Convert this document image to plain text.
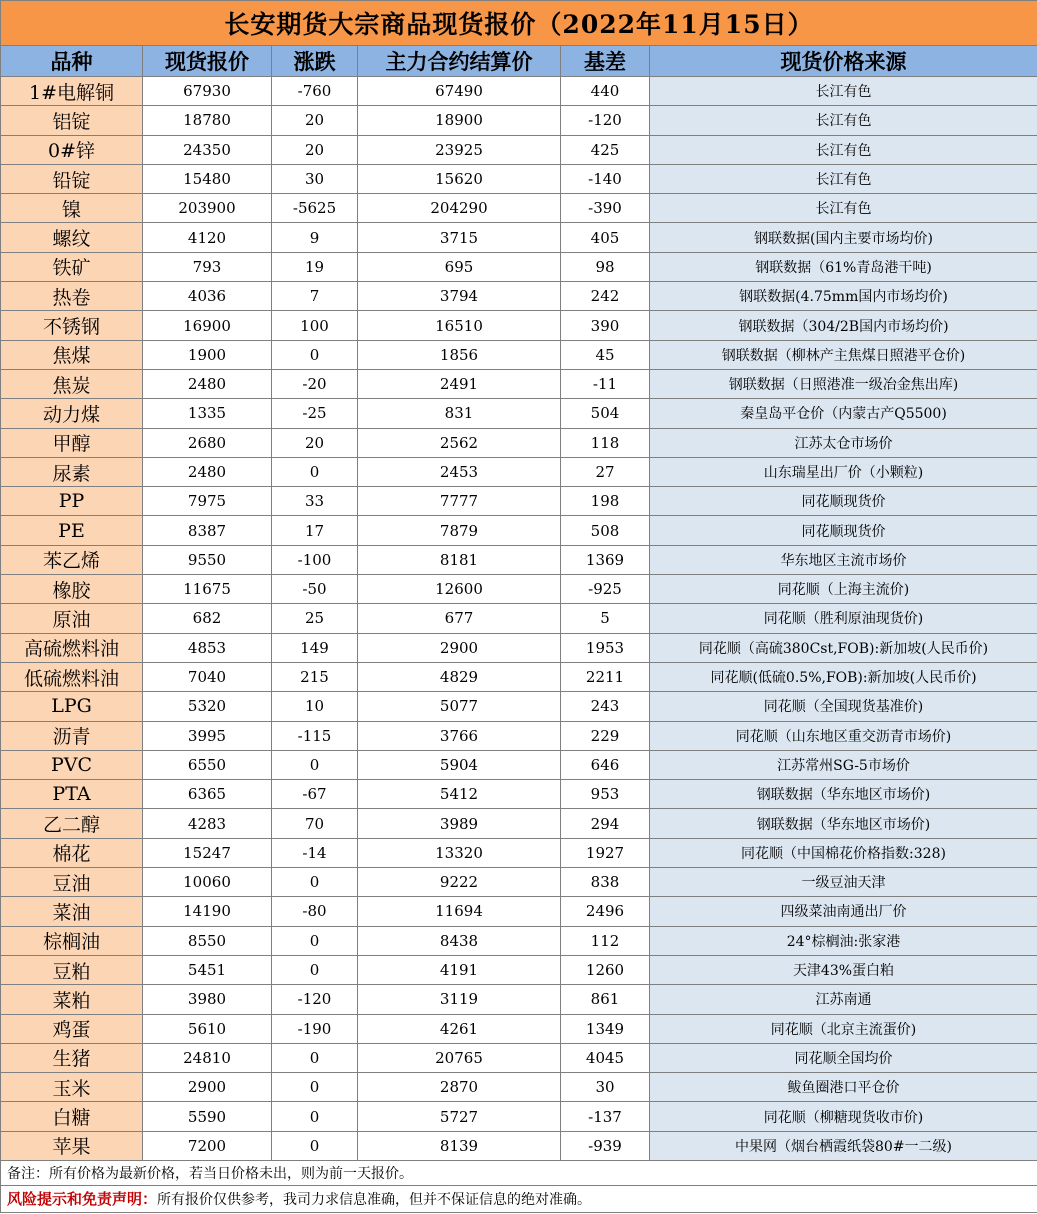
长安期货大宗商品现货报价（2022年11月15日）					
品种	现货报价	涨跌	主力合约结算价	基差	现货价格来源
1#电解铜	67930	-760	67490	440	长江有色
铝锭	18780	20	18900	-120	长江有色
0#锌	24350	20	23925	425	长江有色
铅锭	15480	30	15620	-140	长江有色
镍	203900	-5625	204290	-390	长江有色
螺纹	4120	9	3715	405	钢联数据(国内主要市场均价)
铁矿	793	19	695	98	钢联数据（61%青岛港干吨)
热卷	4036	7	3794	242	钢联数据(4.75mm国内市场均价)
不锈钢	16900	100	16510	390	钢联数据（304/2B国内市场均价)
焦煤	1900	0	1856	45	钢联数据（柳林产主焦煤日照港平仓价)
焦炭	2480	-20	2491	-11	钢联数据（日照港准一级冶金焦出库)
动力煤	1335	-25	831	504	秦皇岛平仓价（内蒙古产Q5500)
甲醇	2680	20	2562	118	江苏太仓市场价
尿素	2480	0	2453	27	山东瑞星出厂价（小颗粒)
PP	7975	33	7777	198	同花顺现货价
PE	8387	17	7879	508	同花顺现货价
苯乙烯	9550	-100	8181	1369	华东地区主流市场价
橡胶	11675	-50	12600	-925	同花顺（上海主流价)
原油	682	25	677	5	同花顺（胜利原油现货价)
高硫燃料油	4853	149	2900	1953	同花顺（高硫380Cst,FOB):新加坡(人民币价)
低硫燃料油	7040	215	4829	2211	同花顺(低硫0.5%,FOB):新加坡(人民币价)
LPG	5320	10	5077	243	同花顺（全国现货基准价)
沥青	3995	-115	3766	229	同花顺（山东地区重交沥青市场价)
PVC	6550	0	5904	646	江苏常州SG-5市场价
PTA	6365	-67	5412	953	钢联数据（华东地区市场价)
乙二醇	4283	70	3989	294	钢联数据（华东地区市场价)
棉花	15247	-14	13320	1927	同花顺（中国棉花价格指数:328)
豆油	10060	0	9222	838	一级豆油天津
菜油	14190	-80	11694	2496	四级菜油南通出厂价
棕榈油	8550	0	8438	112	24°棕榈油:张家港
豆粕	5451	0	4191	1260	天津43%蛋白粕
菜粕	3980	-120	3119	861	江苏南通
鸡蛋	5610	-190	4261	1349	同花顺（北京主流蛋价)
生猪	24810	0	20765	4045	同花顺全国均价
玉米	2900	0	2870	30	鲅鱼圈港口平仓价
白糖	5590	0	5727	-137	同花顺（柳糖现货收市价)
苹果	7200	0	8139	-939	中果网（烟台栖霞纸袋80#一二级)
备注：所有价格为最新价格，若当日价格未出，则为前一天报价。					
风险提示和免责声明：所有报价仅供参考，我司力求信息准确，但并不保证信息的绝对准确。					
